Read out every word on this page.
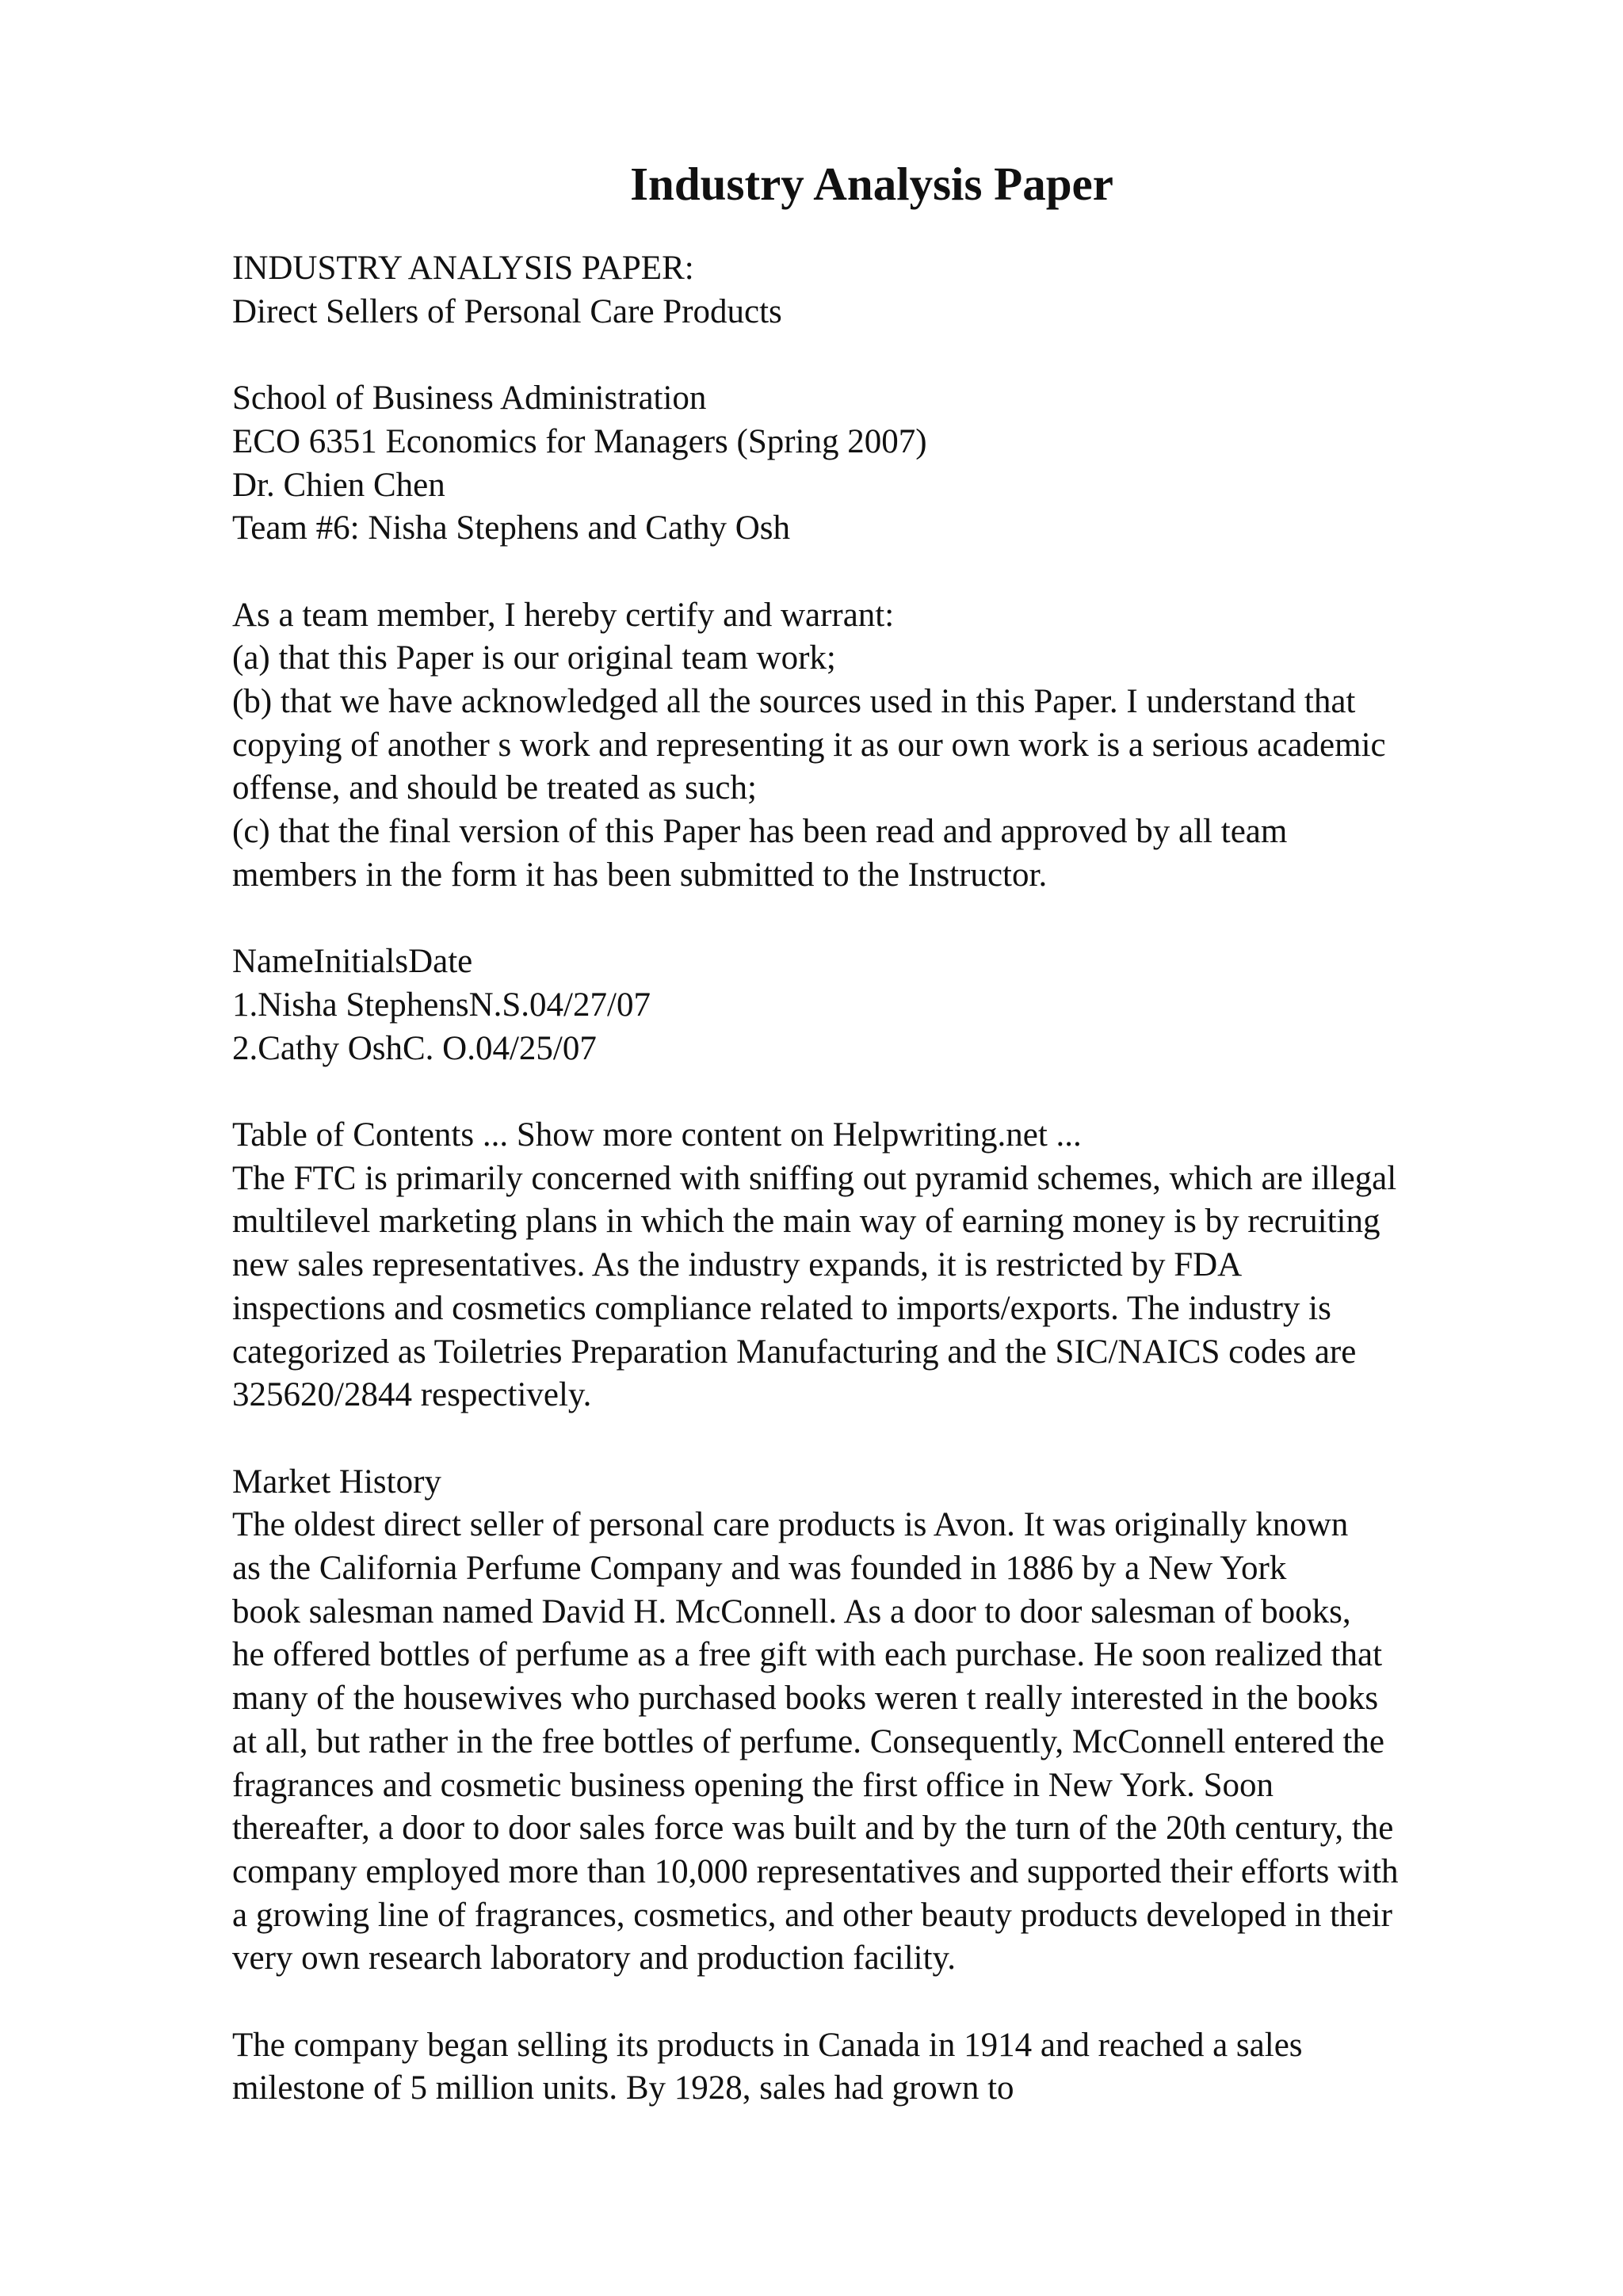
Industry Analysis Paper

INDUSTRY ANALYSIS PAPER:
Direct Sellers of Personal Care Products

School of Business Administration
ECO 6351 Economics for Managers (Spring 2007)
Dr. Chien Chen
Team #6: Nisha Stephens and Cathy Osh

As a team member, I hereby certify and warrant:
(a) that this Paper is our original team work;
(b) that we have acknowledged all the sources used in this Paper. I understand that
copying of another s work and representing it as our own work is a serious academic
offense, and should be treated as such;
(c) that the final version of this Paper has been read and approved by all team
members in the form it has been submitted to the Instructor.

NameInitialsDate
1.Nisha StephensN.S.04/27/07
2.Cathy OshC. O.04/25/07

Table of Contents ... Show more content on Helpwriting.net ...
The FTC is primarily concerned with sniffing out pyramid schemes, which are illegal
multilevel marketing plans in which the main way of earning money is by recruiting
new sales representatives. As the industry expands, it is restricted by FDA
inspections and cosmetics compliance related to imports/exports. The industry is
categorized as Toiletries Preparation Manufacturing and the SIC/NAICS codes are
325620/2844 respectively.

Market History
The oldest direct seller of personal care products is Avon. It was originally known
as the California Perfume Company and was founded in 1886 by a New York
book salesman named David H. McConnell. As a door to door salesman of books,
he offered bottles of perfume as a free gift with each purchase. He soon realized that
many of the housewives who purchased books weren t really interested in the books
at all, but rather in the free bottles of perfume. Consequently, McConnell entered the
fragrances and cosmetic business opening the first office in New York. Soon
thereafter, a door to door sales force was built and by the turn of the 20th century, the
company employed more than 10,000 representatives and supported their efforts with
a growing line of fragrances, cosmetics, and other beauty products developed in their
very own research laboratory and production facility.

The company began selling its products in Canada in 1914 and reached a sales
milestone of 5 million units. By 1928, sales had grown to
